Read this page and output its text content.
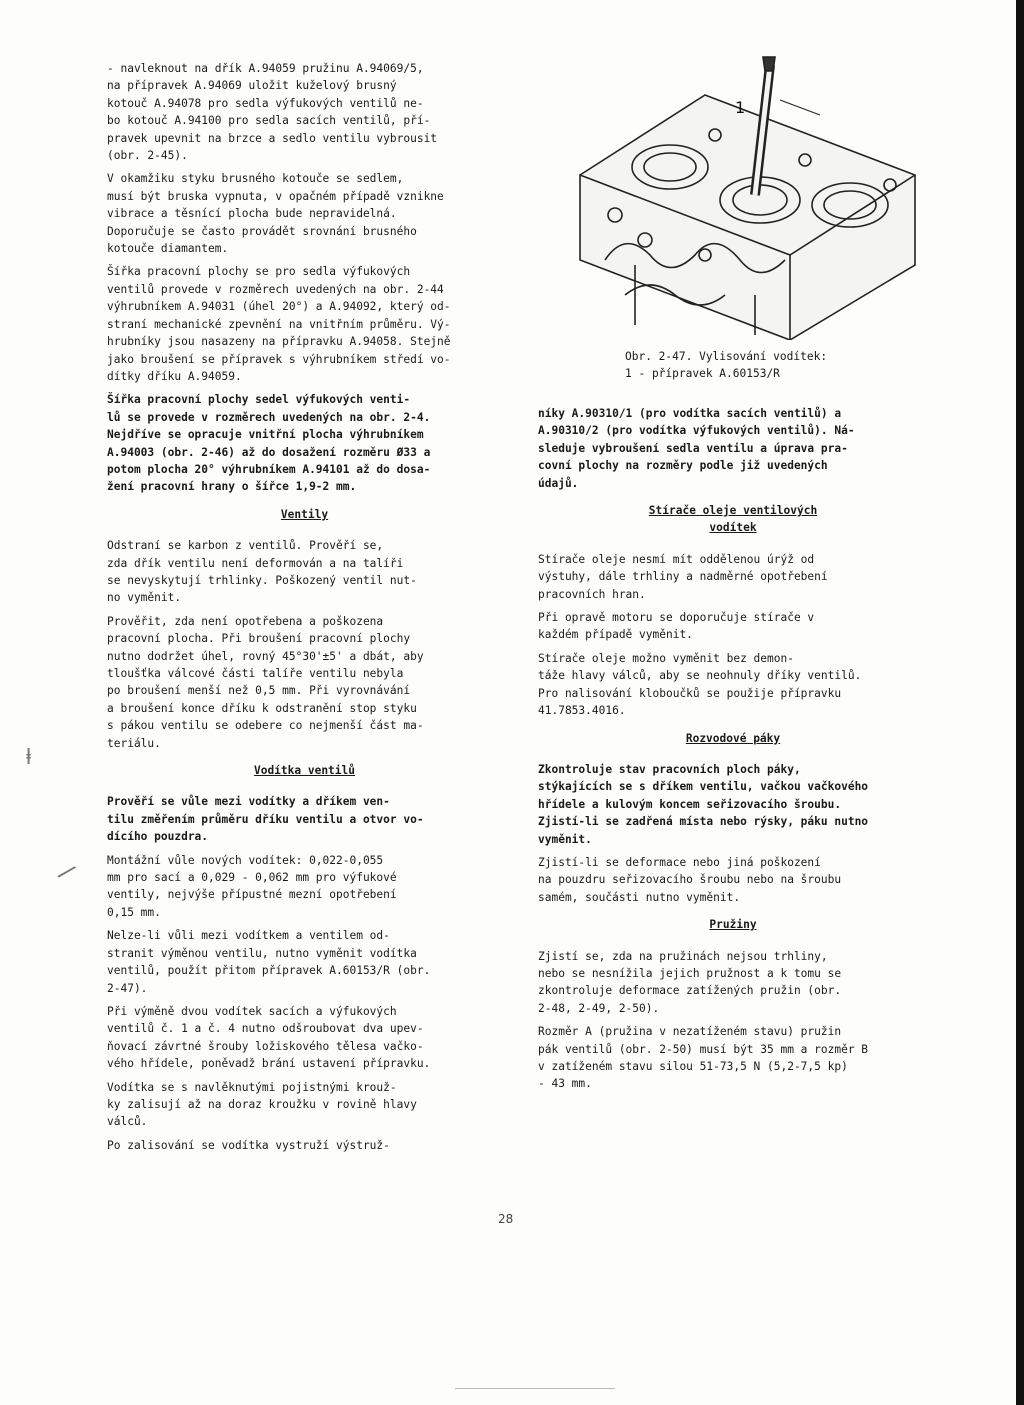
- navleknout na dřík A.94059 pružinu A.94069/5,
na přípravek A.94069 uložit kuželový brusný
kotouč A.94078 pro sedla výfukových ventilů ne-
bo kotouč A.94100 pro sedla sacích ventilů, pří-
pravek upevnit na brzce a sedlo ventilu vybrousit
(obr. 2-45).

V okamžiku styku brusného kotouče se sedlem,
musí být bruska vypnuta, v opačném případě vznikne
vibrace a těsnící plocha bude nepravidelná.
Doporučuje se často provádět srovnání brusného
kotouče diamantem.

Šířka pracovní plochy se pro sedla výfukových
ventilů provede v rozměrech uvedených na obr. 2-44
výhrubníkem A.94031 (úhel 20°) a A.94092, který od-
straní mechanické zpevnění na vnitřním průměru. Vý-
hrubníky jsou nasazeny na přípravku A.94058. Stejně
jako broušení se přípravek s výhrubníkem středí vo-
dítky dříku A.94059.

Šířka pracovní plochy sedel výfukových venti-
lů se provede v rozměrech uvedených na obr. 2-4.
Nejdříve se opracuje vnitřní plocha výhrubníkem
A.94003 (obr. 2-46) až do dosažení rozměru Ø33 a
potom plocha 20° výhrubníkem A.94101 až do dosa-
žení pracovní hrany o šířce 1,9-2 mm.

Ventily

Odstraní se karbon z ventilů. Prověří se,
zda dřík ventilu není deformován a na talíři
se nevyskytují trhlinky. Poškozený ventil nut-
no vyměnit.

Prověřit, zda není opotřebena a poškozena
pracovní plocha. Při broušení pracovní plochy
nutno dodržet úhel, rovný 45°30'±5' a dbát, aby
tloušťka válcové části talíře ventilu nebyla
po broušení menší než 0,5 mm. Při vyrovnávání
a broušení konce dříku k odstranění stop styku
s pákou ventilu se odebere co nejmenší část ma-
teriálu.

Vodítka ventilů

Prověří se vůle mezi vodítky a dříkem ven-
tilu změřením průměru dříku ventilu a otvor vo-
dícího pouzdra.

Montážní vůle nových vodítek: 0,022-0,055
mm pro sací a 0,029 - 0,062 mm pro výfukové
ventily, nejvýše přípustné mezní opotřebení
0,15 mm.

Nelze-li vůli mezi vodítkem a ventilem od-
stranit výměnou ventilu, nutno vyměnit vodítka
ventilů, použít přitom přípravek A.60153/R (obr.
2-47).

Při výměně dvou vodítek sacích a výfukových
ventilů č. 1 a č. 4 nutno odšroubovat dva upev-
ňovací závrtné šrouby ložiskového tělesa vačko-
vého hřídele, poněvadž brání ustavení přípravku.

Vodítka se s navlěknutými pojistnými krouž-
ky zalisují až na doraz kroužku v rovině hlavy
válců.

Po zalisování se vodítka vystruží výstruž-

1
Obr. 2-47. Vylisování vodítek:
1 - přípravek A.60153/R

níky A.90310/1 (pro vodítka sacích ventilů) a
A.90310/2 (pro vodítka výfukových ventilů). Ná-
sleduje vybroušení sedla ventilu a úprava pra-
covní plochy na rozměry podle již uvedených
údajů.

Stírače oleje ventilových
vodítek

Stírače oleje nesmí mít oddělenou úrýž od
výstuhy, dále trhliny a nadměrné opotřebení
pracovních hran.

Při opravě motoru se doporučuje stírače v
každém případě vyměnit.

Stírače oleje možno vyměnit bez demon-
táže hlavy válců, aby se neohnuly dříky ventilů.
Pro nalisování kloboučků se použije přípravku
41.7853.4016.

Rozvodové páky

Zkontroluje stav pracovních ploch páky,
stýkajících se s dříkem ventilu, vačkou vačkového
hřídele a kulovým koncem seřizovacího šroubu.
Zjistí-li se zadřená místa nebo rýsky, páku nutno
vyměnit.

Zjistí-li se deformace nebo jiná poškození
na pouzdru seřizovacího šroubu nebo na šroubu
samém, součásti nutno vyměnit.

Pružiny

Zjistí se, zda na pružinách nejsou trhliny,
nebo se nesnížila jejich pružnost a k tomu se
zkontroluje deformace zatížených pružin (obr.
2-48, 2-49, 2-50).

Rozměr A (pružina v nezatíženém stavu) pružin
pák ventilů (obr. 2-50) musí být 35 mm a rozměr B
v zatíženém stavu silou 51-73,5 N (5,2-7,5 kp)
- 43 mm.

28
ⱡ
/
